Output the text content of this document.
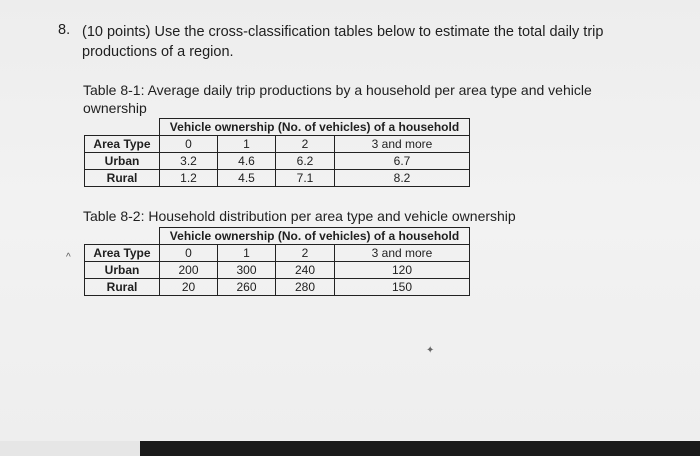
8. (10 points) Use the cross-classification tables below to estimate the total daily trip productions of a region.
Table 8-1: Average daily trip productions by a household per area type and vehicle ownership
	Vehicle ownership (No. of vehicles) of a household			
Area Type	0	1	2	3 and more
Urban	3.2	4.6	6.2	6.7
Rural	1.2	4.5	7.1	8.2
Table 8-2: Household distribution per area type and vehicle ownership
	Vehicle ownership (No. of vehicles) of a household			
Area Type	0	1	2	3 and more
Urban	200	300	240	120
Rural	20	260	280	150
^
✦
